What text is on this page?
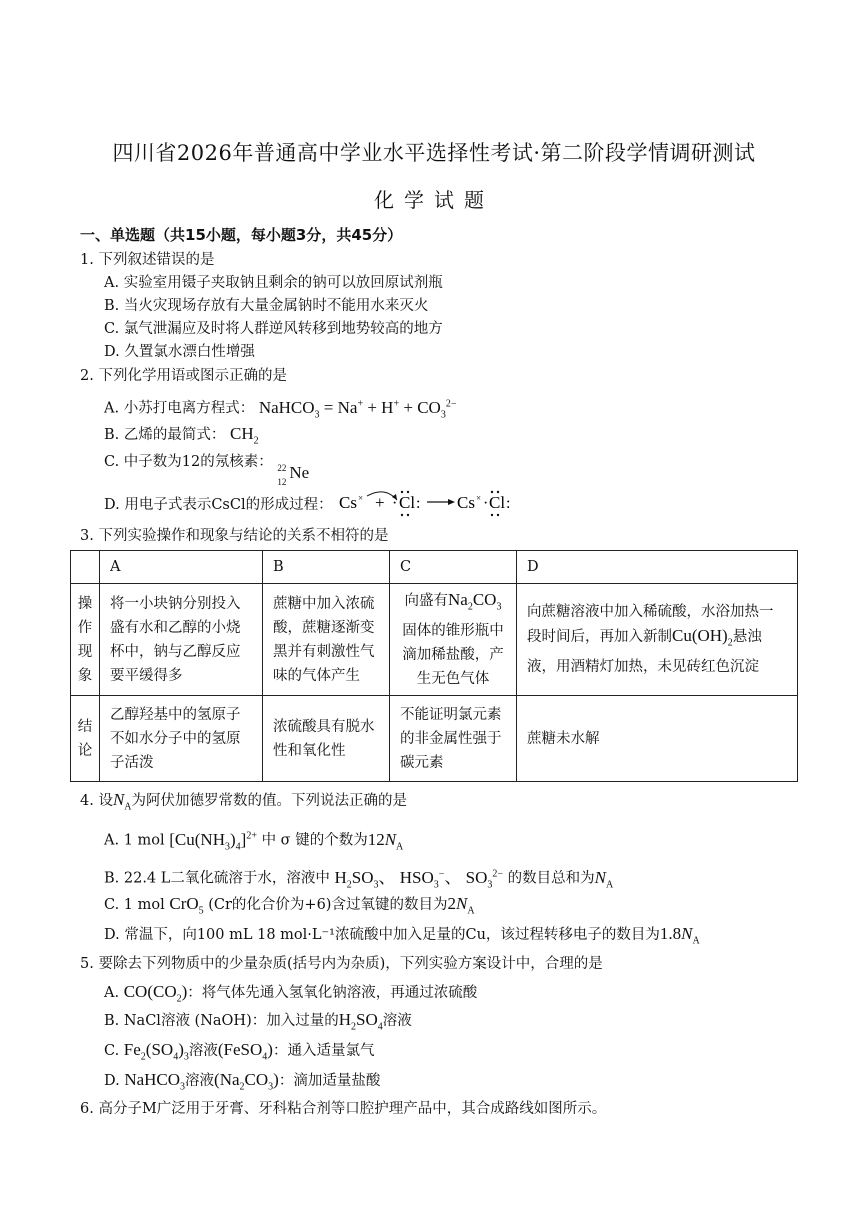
四川省2026年普通高中学业水平选择性考试·第二阶段学情调研测试
化学试题
一、单选题（共15小题，每小题3分，共45分）
1. 下列叙述错误的是
A. 实验室用镊子夹取钠且剩余的钠可以放回原试剂瓶
B. 当火灾现场存放有大量金属钠时不能用水来灭火
C. 氯气泄漏应及时将人群逆风转移到地势较高的地方
D. 久置氯水漂白性增强
2. 下列化学用语或图示正确的是
A. 小苏打电离方程式： NaHCO$_3$ = $Na^+ + H^+ + CO_3^{2-}$
B. 乙烯的最简式： $CH_2$
C. 中子数为12的氖核素： 22
12 Ne
D. 用电子式表示CsCl的形成过程： Cs × + · Cl : Cs × · Cl :
3. 下列实验操作和现象与结论的关系不相符的是
	A	B	C	D

操
作
现
象	将一小块钠分别投入盛有水和乙醇的小烧杯中，钠与乙醇反应要平缓得多	蔗糖中加入浓硫酸，蔗糖逐渐变黑并有刺激性气味的气体产生	向盛有$Na_2CO_3$固体的锥形瓶中滴加稀盐酸，产生无色气体	向蔗糖溶液中加入稀硫酸，水浴加热一段时间后，再加入新制$Cu(OH)_2$悬浊液，用酒精灯加热，未见砖红色沉淀

结
论	乙醇羟基中的氢原子不如水分子中的氢原子活泼	浓硫酸具有脱水性和氧化性	不能证明氯元素的非金属性强于碳元素	蔗糖未水解
4. 设$N_A$为阿伏加德罗常数的值。下列说法正确的是
A. 1 mol $[Cu(NH_3)_4]^{2+}$ 中 σ 键的个数为$12N_A$
B. 22.4 L二氧化硫溶于水，溶液中 $H_2SO_3$、 $HSO_3^-$、 $SO_3^{2-}$ 的数目总和为$N_A$
C. 1 mol CrO$_5$ (Cr的化合价为+6)含过氧键的数目为$2N_A$
D. 常温下，向100 mL 18 mol·L⁻¹浓硫酸中加入足量的Cu，该过程转移电子的数目为$1.8N_A$
5. 要除去下列物质中的少量杂质(括号内为杂质)，下列实验方案设计中，合理的是
A. $CO(CO_2)$：将气体先通入氢氧化钠溶液，再通过浓硫酸
B. NaCl溶液 (NaOH)：加入过量的$H_2SO_4$溶液
C. $Fe_2(SO_4)_3$溶液(FeSO$_4$)：通入适量氯气
D. NaHCO$_3$溶液$(Na_2CO_3)$：滴加适量盐酸
6. 高分子M广泛用于牙膏、牙科粘合剂等口腔护理产品中，其合成路线如图所示。
